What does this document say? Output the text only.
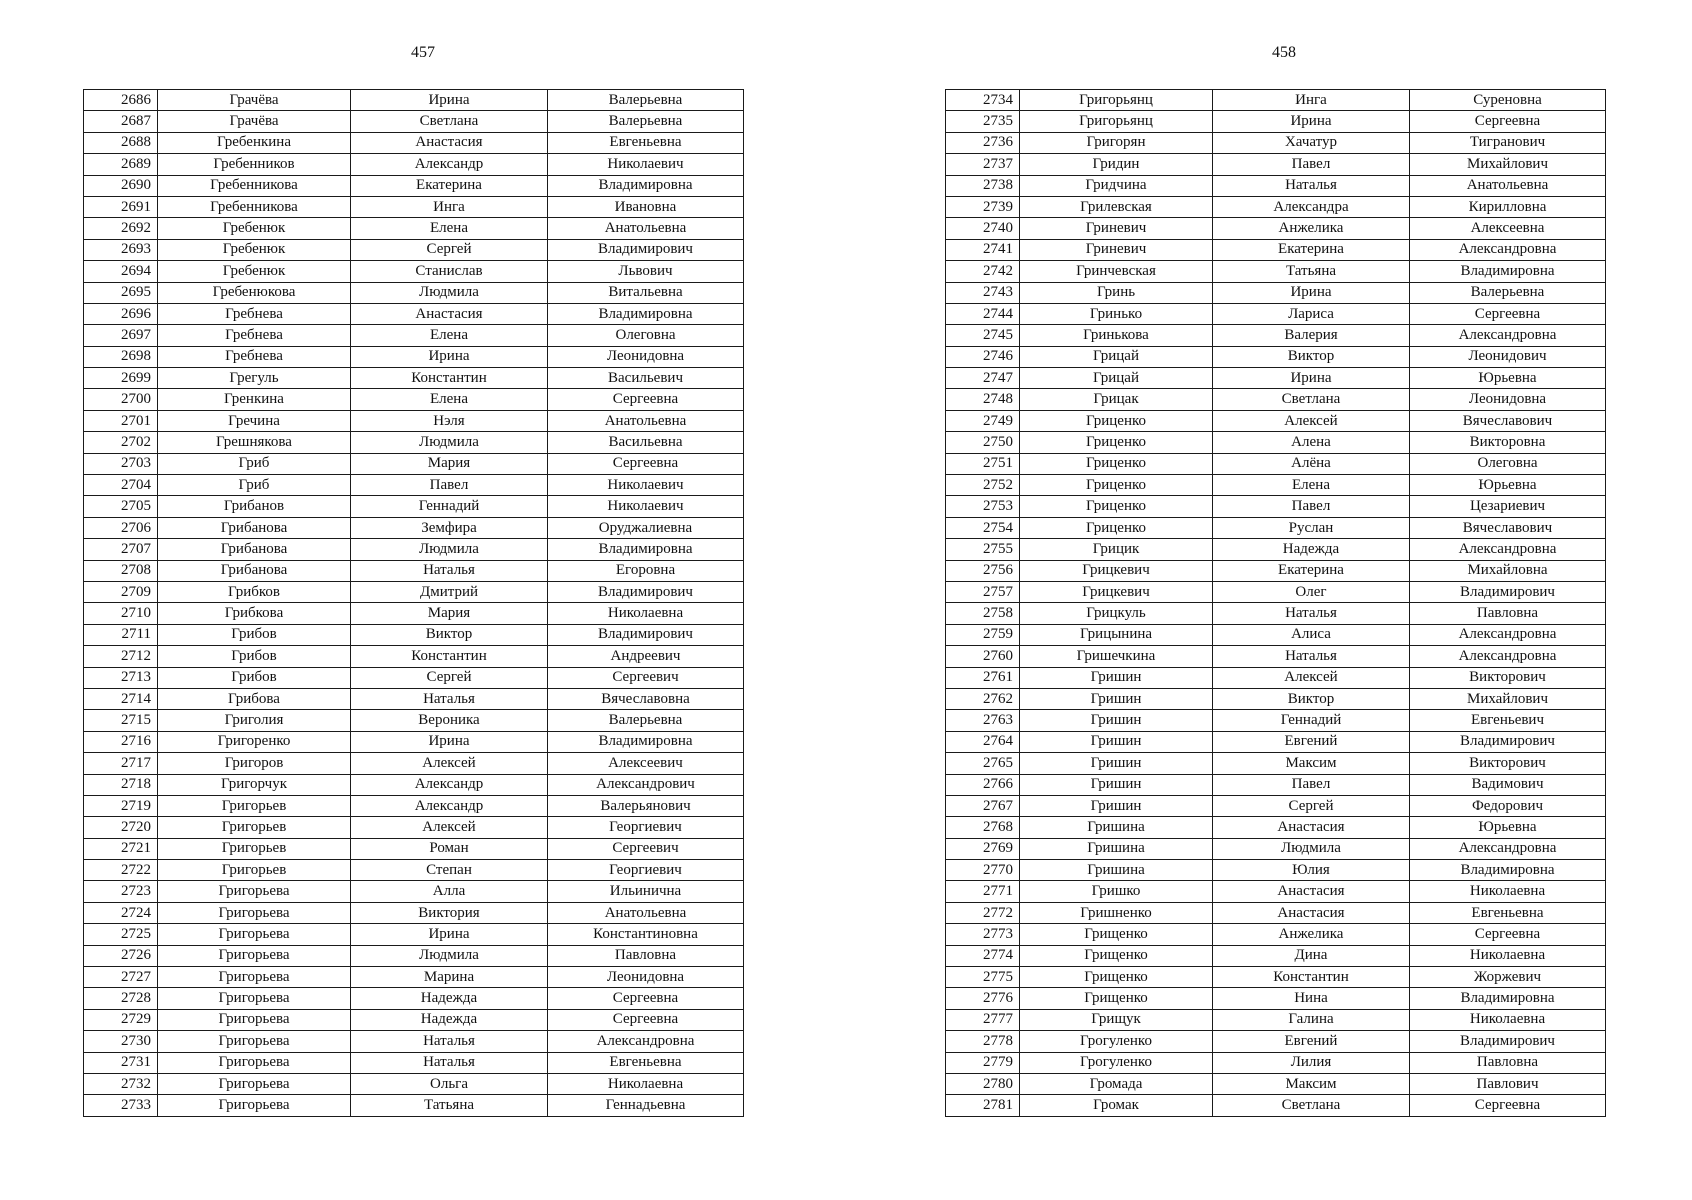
457	458
2686	Грачёва	Ирина	Валерьевна
2687	Грачёва	Светлана	Валерьевна
2688	Гребенкина	Анастасия	Евгеньевна
2689	Гребенников	Александр	Николаевич
2690	Гребенникова	Екатерина	Владимировна
2691	Гребенникова	Инга	Ивановна
2692	Гребенюк	Елена	Анатольевна
2693	Гребенюк	Сергей	Владимирович
2694	Гребенюк	Станислав	Львович
2695	Гребенюкова	Людмила	Витальевна
2696	Гребнева	Анастасия	Владимировна
2697	Гребнева	Елена	Олеговна
2698	Гребнева	Ирина	Леонидовна
2699	Грегуль	Константин	Васильевич
2700	Гренкина	Елена	Сергеевна
2701	Гречина	Нэля	Анатольевна
2702	Грешнякова	Людмила	Васильевна
2703	Гриб	Мария	Сергеевна
2704	Гриб	Павел	Николаевич
2705	Грибанов	Геннадий	Николаевич
2706	Грибанова	Земфира	Оруджалиевна
2707	Грибанова	Людмила	Владимировна
2708	Грибанова	Наталья	Егоровна
2709	Грибков	Дмитрий	Владимирович
2710	Грибкова	Мария	Николаевна
2711	Грибов	Виктор	Владимирович
2712	Грибов	Константин	Андреевич
2713	Грибов	Сергей	Сергеевич
2714	Грибова	Наталья	Вячеславовна
2715	Григолия	Вероника	Валерьевна
2716	Григоренко	Ирина	Владимировна
2717	Григоров	Алексей	Алексеевич
2718	Григорчук	Александр	Александрович
2719	Григорьев	Александр	Валерьянович
2720	Григорьев	Алексей	Георгиевич
2721	Григорьев	Роман	Сергеевич
2722	Григорьев	Степан	Георгиевич
2723	Григорьева	Алла	Ильинична
2724	Григорьева	Виктория	Анатольевна
2725	Григорьева	Ирина	Константиновна
2726	Григорьева	Людмила	Павловна
2727	Григорьева	Марина	Леонидовна
2728	Григорьева	Надежда	Сергеевна
2729	Григорьева	Надежда	Сергеевна
2730	Григорьева	Наталья	Александровна
2731	Григорьева	Наталья	Евгеньевна
2732	Григорьева	Ольга	Николаевна
2733	Григорьева	Татьяна	Геннадьевна
2734	Григорьянц	Инга	Суреновна
2735	Григорьянц	Ирина	Сергеевна
2736	Григорян	Хачатур	Тигранович
2737	Гридин	Павел	Михайлович
2738	Гридчина	Наталья	Анатольевна
2739	Грилевская	Александра	Кирилловна
2740	Гриневич	Анжелика	Алексеевна
2741	Гриневич	Екатерина	Александровна
2742	Гринчевская	Татьяна	Владимировна
2743	Гринь	Ирина	Валерьевна
2744	Гринько	Лариса	Сергеевна
2745	Гринькова	Валерия	Александровна
2746	Грицай	Виктор	Леонидович
2747	Грицай	Ирина	Юрьевна
2748	Грицак	Светлана	Леонидовна
2749	Гриценко	Алексей	Вячеславович
2750	Гриценко	Алена	Викторовна
2751	Гриценко	Алёна	Олеговна
2752	Гриценко	Елена	Юрьевна
2753	Гриценко	Павел	Цезариевич
2754	Гриценко	Руслан	Вячеславович
2755	Грицик	Надежда	Александровна
2756	Грицкевич	Екатерина	Михайловна
2757	Грицкевич	Олег	Владимирович
2758	Грицкуль	Наталья	Павловна
2759	Грицынина	Алиса	Александровна
2760	Гришечкина	Наталья	Александровна
2761	Гришин	Алексей	Викторович
2762	Гришин	Виктор	Михайлович
2763	Гришин	Геннадий	Евгеньевич
2764	Гришин	Евгений	Владимирович
2765	Гришин	Максим	Викторович
2766	Гришин	Павел	Вадимович
2767	Гришин	Сергей	Федорович
2768	Гришина	Анастасия	Юрьевна
2769	Гришина	Людмила	Александровна
2770	Гришина	Юлия	Владимировна
2771	Гришко	Анастасия	Николаевна
2772	Гришненко	Анастасия	Евгеньевна
2773	Грищенко	Анжелика	Сергеевна
2774	Грищенко	Дина	Николаевна
2775	Грищенко	Константин	Жоржевич
2776	Грищенко	Нина	Владимировна
2777	Грищук	Галина	Николаевна
2778	Грогуленко	Евгений	Владимирович
2779	Грогуленко	Лилия	Павловна
2780	Громада	Максим	Павлович
2781	Громак	Светлана	Сергеевна
